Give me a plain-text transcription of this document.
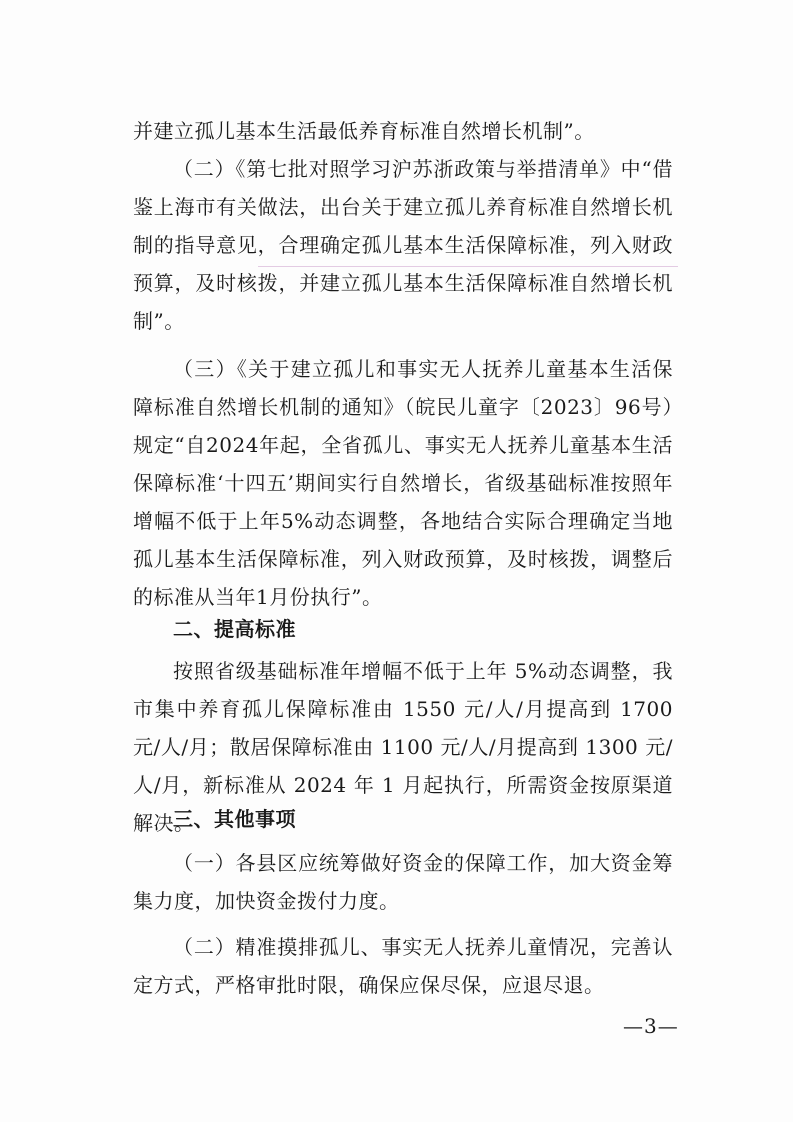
并建立孤儿基本生活最低养育标准自然增长机制”。

（二）《第七批对照学习沪苏浙政策与举措清单》中“借鉴上海市有关做法，出台关于建立孤儿养育标准自然增长机制的指导意见，合理确定孤儿基本生活保障标准，列入财政预算，及时核拨，并建立孤儿基本生活保障标准自然增长机制”。

（三）《关于建立孤儿和事实无人抚养儿童基本生活保障标准自然增长机制的通知》（皖民儿童字〔2023〕96号）规定“自2024年起，全省孤儿、事实无人抚养儿童基本生活保障标准‘十四五’期间实行自然增长，省级基础标准按照年增幅不低于上年5%动态调整，各地结合实际合理确定当地孤儿基本生活保障标准，列入财政预算，及时核拨，调整后的标准从当年1月份执行”。

二、提高标准

按照省级基础标准年增幅不低于上年 5%动态调整，我市集中养育孤儿保障标准由 1550 元/人/月提高到 1700 元/人/月；散居保障标准由 1100 元/人/月提高到 1300 元/人/月，新标准从 2024 年 1 月起执行，所需资金按原渠道解决。

三、其他事项

（一）各县区应统筹做好资金的保障工作，加大资金筹集力度，加快资金拨付力度。

（二）精准摸排孤儿、事实无人抚养儿童情况，完善认定方式，严格审批时限，确保应保尽保，应退尽退。

—3—
